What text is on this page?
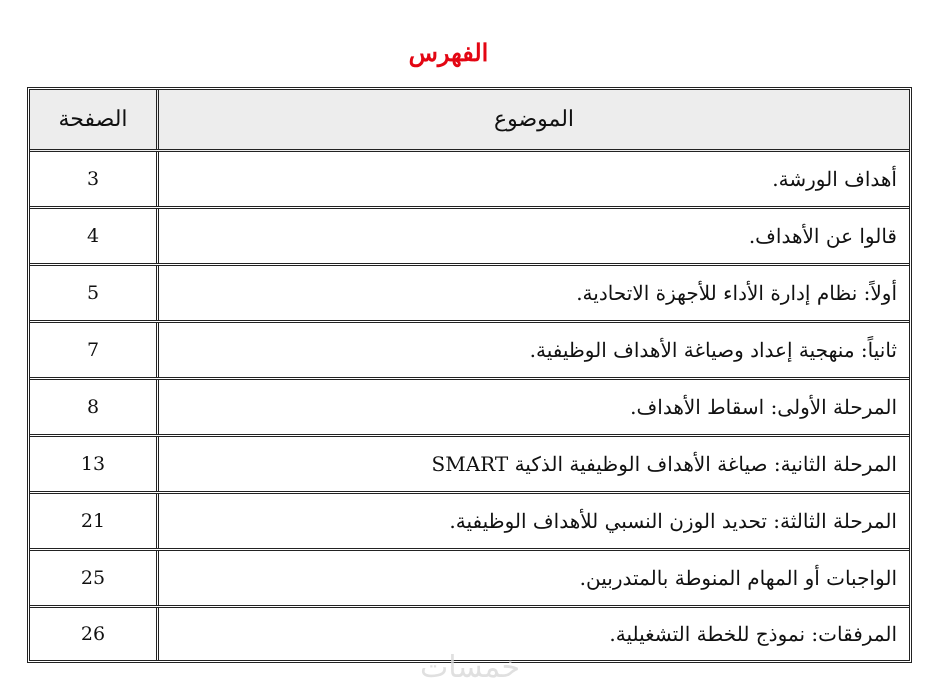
الفهرس
الموضوع
الصفحة
أهداف الورشة.
3
قالوا عن الأهداف.
4
أولاً: نظام إدارة الأداء للأجهزة الاتحادية.
5
ثانياً: منهجية إعداد وصياغة الأهداف الوظيفية.
7
المرحلة الأولى: اسقاط الأهداف.
8
المرحلة الثانية: صياغة الأهداف الوظيفية الذكية SMART
13
المرحلة الثالثة: تحديد الوزن النسبي للأهداف الوظيفية.
21
الواجبات أو المهام المنوطة بالمتدربين.
25
المرفقات: نموذج للخطة التشغيلية.
26
خمسات
